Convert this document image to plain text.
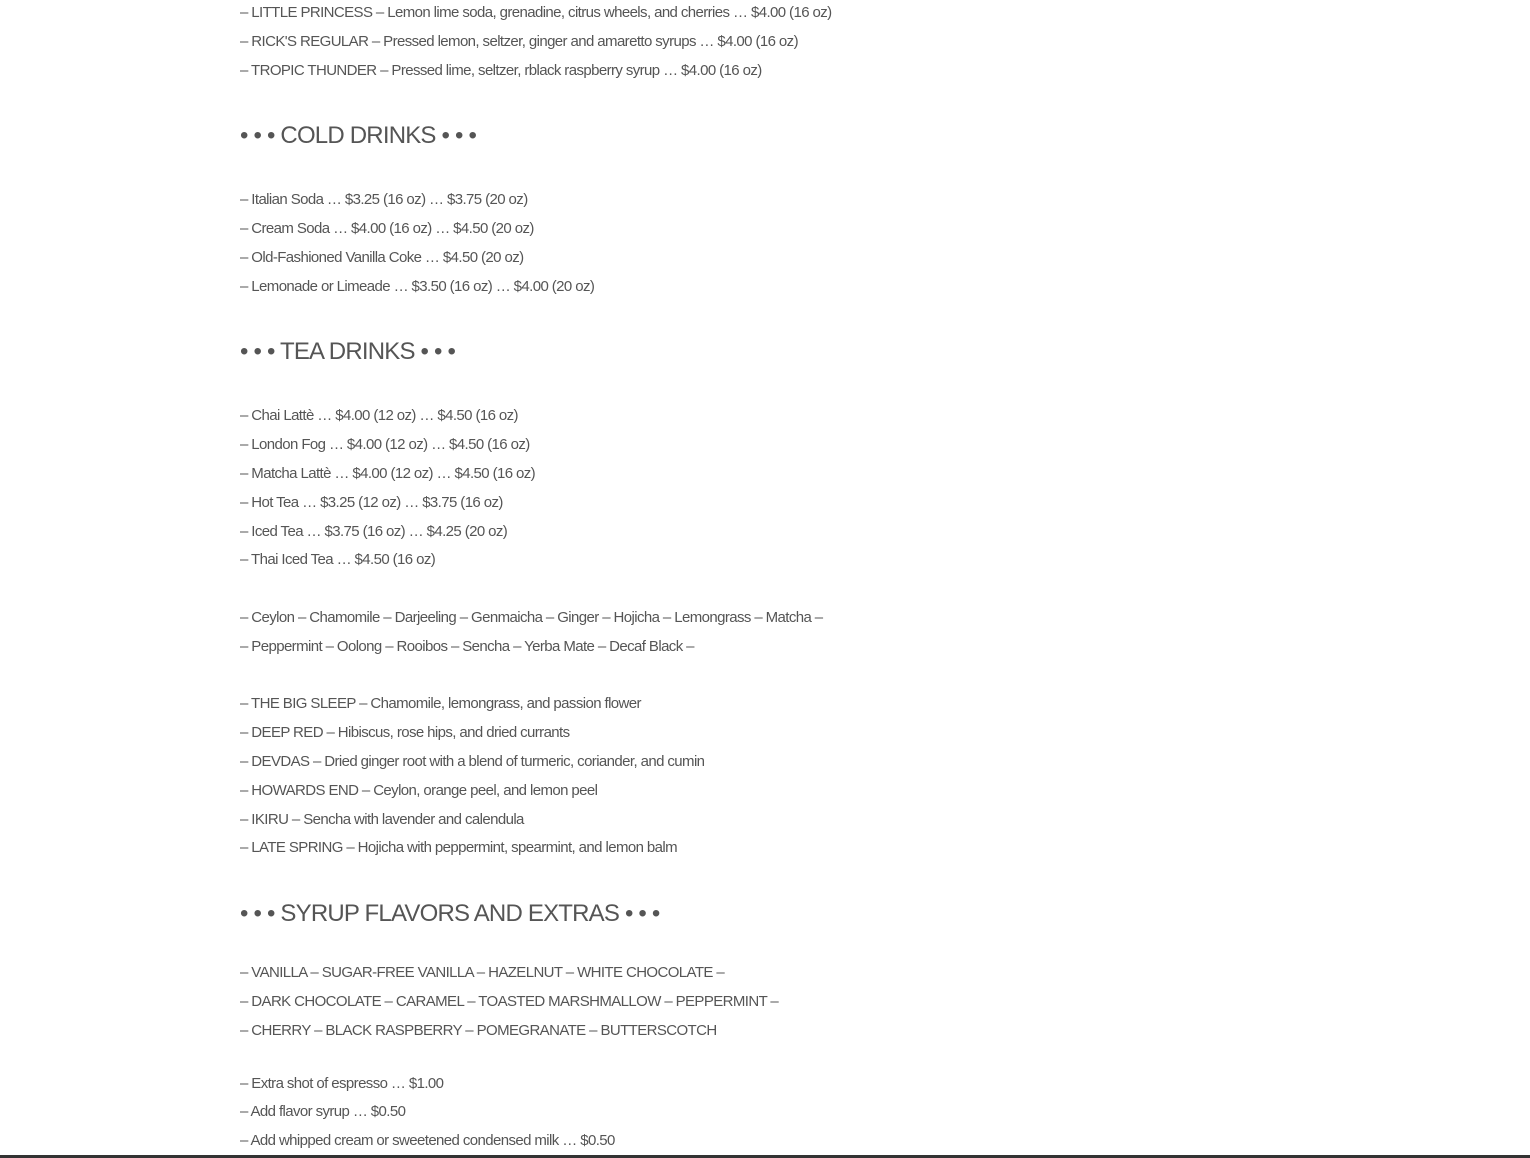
– LITTLE PRINCESS – Lemon lime soda, grenadine, citrus wheels, and cherries … $4.00 (16 oz)
– RICK'S REGULAR – Pressed lemon, seltzer, ginger and amaretto syrups … $4.00 (16 oz)
– TROPIC THUNDER – Pressed lime, seltzer, rblack raspberry syrup … $4.00 (16 oz)
• • • COLD DRINKS • • •
– Italian Soda … $3.25 (16 oz) … $3.75 (20 oz)
– Cream Soda … $4.00 (16 oz) … $4.50 (20 oz)
– Old-Fashioned Vanilla Coke … $4.50 (20 oz)
– Lemonade or Limeade … $3.50 (16 oz) … $4.00 (20 oz)
• • • TEA DRINKS • • •
– Chai Lattè … $4.00 (12 oz) … $4.50 (16 oz)
– London Fog … $4.00 (12 oz) … $4.50 (16 oz)
– Matcha Lattè … $4.00 (12 oz) … $4.50 (16 oz)
– Hot Tea … $3.25 (12 oz) … $3.75 (16 oz)
– Iced Tea … $3.75 (16 oz) … $4.25 (20 oz)
– Thai Iced Tea … $4.50 (16 oz)
– Ceylon – Chamomile – Darjeeling – Genmaicha – Ginger – Hojicha – Lemongrass – Matcha –
– Peppermint – Oolong – Rooibos – Sencha – Yerba Mate – Decaf Black –
– THE BIG SLEEP – Chamomile, lemongrass, and passion flower
– DEEP RED – Hibiscus, rose hips, and dried currants
– DEVDAS – Dried ginger root with a blend of turmeric, coriander, and cumin
– HOWARDS END – Ceylon, orange peel, and lemon peel
– IKIRU – Sencha with lavender and calendula
– LATE SPRING – Hojicha with peppermint, spearmint, and lemon balm
• • • SYRUP FLAVORS AND EXTRAS • • •
– VANILLA – SUGAR-FREE VANILLA – HAZELNUT – WHITE CHOCOLATE –
– DARK CHOCOLATE – CARAMEL – TOASTED MARSHMALLOW – PEPPERMINT –
– CHERRY – BLACK RASPBERRY – POMEGRANATE – BUTTERSCOTCH
– Extra shot of espresso … $1.00
– Add flavor syrup … $0.50
– Add whipped cream or sweetened condensed milk … $0.50
